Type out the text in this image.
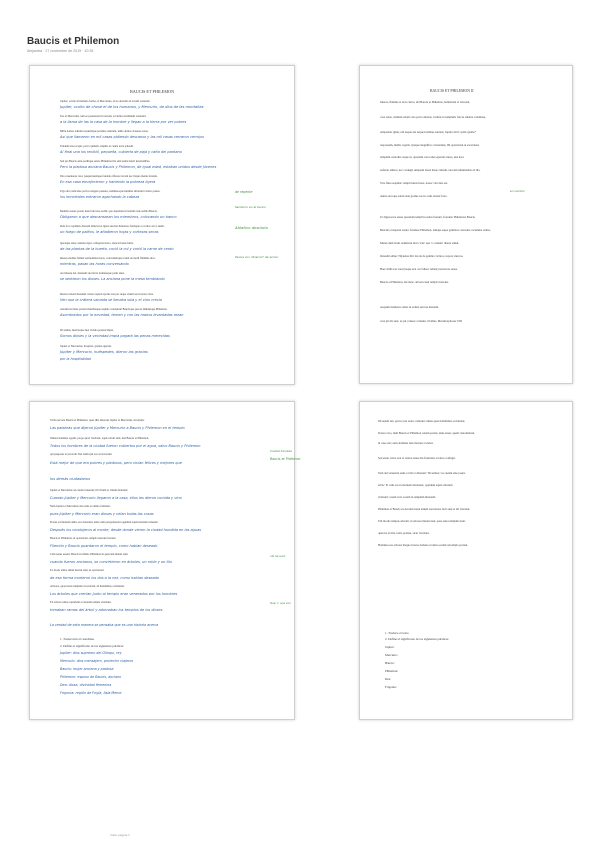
Baucis et Philemon
Alejandra · 27 noviembre de 2019 · 10:35
BAUCIS ET PHILEMON
Jupiter, oculto in humana forma, et Mercurius, ab ea deorum ad terram venerunt.
Jupiter, oculto de chose el de los humanos, y Mercurio, de dios de las montañas
Eos et Mercurius cum se praestarent in terram, ad domos hominum venerunt.
a la llama de las la casa de la hombre y llegan a la tierra por ver pobres
Mille domos aditum requiemque petentes adierunt, mille domos clausere serae.
Así que llamaron en mil casas pidiendo descanso y las mil casas cerraron cerrojos
Tandem una recepit, parva quidem, stipulis et canna tecta palustri.
Al final una los recibió, pequeña, cubierta de paja y caña del pantano
Sed pia Baucis anus parilique aetate Philemon illa sunt annis iuncti iuventalibus.
Pero la piadosa anciana Baucis y Philemon, de igual edad, estaban unidos desde jóvenes
Illa consenuere casa; paupertatemque fatendo effecere levem nec iniqua mente ferendo.
En esa casa envejecieron y haciendo la pobreza ligera
Ergo ubi caelicolae parvos tetigere penates, submissoque humiles intrarunt vertice postes.
los inmortales entraron agachando la cabeza
Membra senex posito iussit relevare sedili, quo superiniecit textum rude sedula Baucis.
Obligaron a que descansaran los miembros, colocando un banco
Inde foco tepidum cinerem dimovit et ignes suscitat hesternos foliisque et cortice sicco nutrit.
un fuego de palitos, le añadieron hojas y cortezas secas
Quodque suus coniunx riguo collegerat horto, truncat holus foliis.
de las plantas de la huerta, coció la col y cortó la carne de cerdo
Interea medias fallunt sermonibus horas, concutiuntque torum de molli fluminis ulva.
mientras, pasan las horas conversando
Accubuere dei. mensam succincta tremensque ponit anus.
se sentaron los dioses. La anciana pone la mesa temblando
Interea totiens haustum cratera repleri sponte sua per seque vident succrescere vina.
Ven que la crátera vaciada se llenaba sola y el vino crecía
Attoniti novitate pavent manibusque supinis concipiunt Baucisque preces timidusque Philemon.
Asombrados por la novedad, temen y con las manos levantadas rezan
Di sumus, meritasque luet vicinia poenas impia.
Somos dioses y la vecindad impía pagará las penas merecidas
Jupiter et Mercurius, hospites, gratias egerunt.
Júpiter y Mercurio, huéspedes, dieron las gracias
por la hospitalidad
de repente
Sentaron en el banco
Ablativo absoluto
Pasiva con 'dixerunt' de acción
BAUCIS ET PHILEMON II
Interea, flumine et lacu cincta, ubi Baucis et Philemon, habitabant et vixerant,
casa vetus, dominis etiam casa parva duobus, vertitur in templum: furcas subiere columnae,
Aliquando igitur, ubi neque dei neque homines aderant, Jupiter dicit: 'quid optatis?'
responsum, multis rogatis, ipsique magnifice conveniunt, Illi optaverunt ut sacerdotes
templum custodire atque ut, quoniam concordes egerunt annos, una hora
auferret ambos; nec coniugis umquam busta meae videam, neu sim tumulandus ab illa.
Vota fides sequitur: templi tutela fuere, donec vita data est.
Annis aevoque soluti ante gradus sacros cum starent forte.
Ut dignoscere senes quondam templi in sedes fuerunt, frondere Philemona Baucis,
Baucida conspexit senior frondere Philemon. iamque super geminos crescente cacumine vultus,
Mutua dum licuit reddebant dicta 'vale' que 'o coniunx' dixere simul.
Ostendit adhuc Thyneius illic incola de gemino vicinos corpore truncos.
Haec mihi non vani (neque erat cur fallere vellent) narravere senes.
Baucis et Philemon, dei nunc, arbores sunt templi custodes.
Aequam memento rebus in arduis servare mentem.
cura pii dis sunt, et qui coluere coluntur. Ovidius, Metamorphoses VIII
en cambio
Verba servata Baucis et Philemon, quae illis dixerant Jupiter et Mercurius, in templo
Las palabras que dijeron Júpiter y Mercurio a Baucis y Philemon en el templo
Omnes homines oppidi, prope quod vivebant, aquis obruti sunt, nisi Baucis et Philemon,
Todos los hombres de la ciudad fueron cubiertos por el agua, salvo Baucis y Philemon
qui pauperes et pii erant. Dei enim ipsi eos servaverunt.
Está mejor de que era pobres y piadosos, pero vivían felices y mejores que
los demás ciudadanos
Jupiter et Mercurius ad casam venerunt; illi cibum et vinum dederunt.
Cuando Júpiter y Mercurio llegaron a la casa, ellos les dieron comida y vino
Nam Jupiter et Mercurius dei erant et omnia videbant.
pues Júpiter y Mercurio eran dioses y veían todas las cosas
Postea ad montem ambo eos duxerunt, unde cum perspexissent oppidum aquis mersum viderunt.
Después los condujeron al monte, desde donde vieron la ciudad hundida en las aguas
Baucis et Philemon, ut optaverant, templi custodes fuerunt.
Filemón y Baucis guardaron el templo, como habían deseado
Cum senes essent, Baucis in tiliam, Philemon in quercum mutati sunt.
cuando fueron ancianos, se convirtieron en árboles, un roble y un tilo
Eo modo ambo simul mortui sunt, ut optaverant.
de esa forma murieron los dos a la vez, como habían deseado
Arbores, quae iuxta templum crescebant, ab hominibus colebantur.
Los árboles que crecían junto al templo eran venerados por los hombres
Ex arbore ramos capiebant et deorum templa ornabant.
tomaban ramas del árbol y adornaban los templos de los dioses
La verdad de esta manera se pensaba que es una historia acerca
1. Traducción al castellano
2. Define el significado de las siguientes palabras:
Jupiter: dios supremo del Olimpo, rey
Mercurio: dios mensajero, protector viajeros
Baucis: mujer anciana y piadosa
Philemon: esposo de Baucis, anciano
Dea: diosa, divinidad femenina
Frigonia: región de Frigia, Asia Menor
Ciudad llamada
Baucis et Philemon
ubi se sunt
Que = una con
Illi autem dei, qui in casa erant, viderunt omnia quae hominibus acciderant.
Postea vero, dum Baucis et Philemon cenam parant, unus anser, quem custodiebant,
in casa erat; eum dominus deis mactare volebat.
Sed anser velox erat et tardos senes diu frustratus ad deos confugit.
Tum dei vetuerunt eum occidi et dixerunt: 'Di sumus; vos autem sine poena
eritis.' Et cum eos in montem duxissent, oppidum aquis obrutum
viderunt; casam vero eorum in templum mutatam.
Philemon et Baucis ex deorum iussu templi sacerdotes facti sunt et ibi vixerunt.
Ubi mortis tempus advenit, in arbores mutati sunt, quae ante templum stant.
quercus et tilia, iuxta positae, sicut vivebant.
Homines eas arbores magno honore habent et ramos earum ad templa portant.
1. Traduce el texto
2. Define el significado de las siguientes palabras:
Jupiter:
Mercurio:
Baucis:
Philemon:
Dea:
Frigonia:
Vista: página 1
